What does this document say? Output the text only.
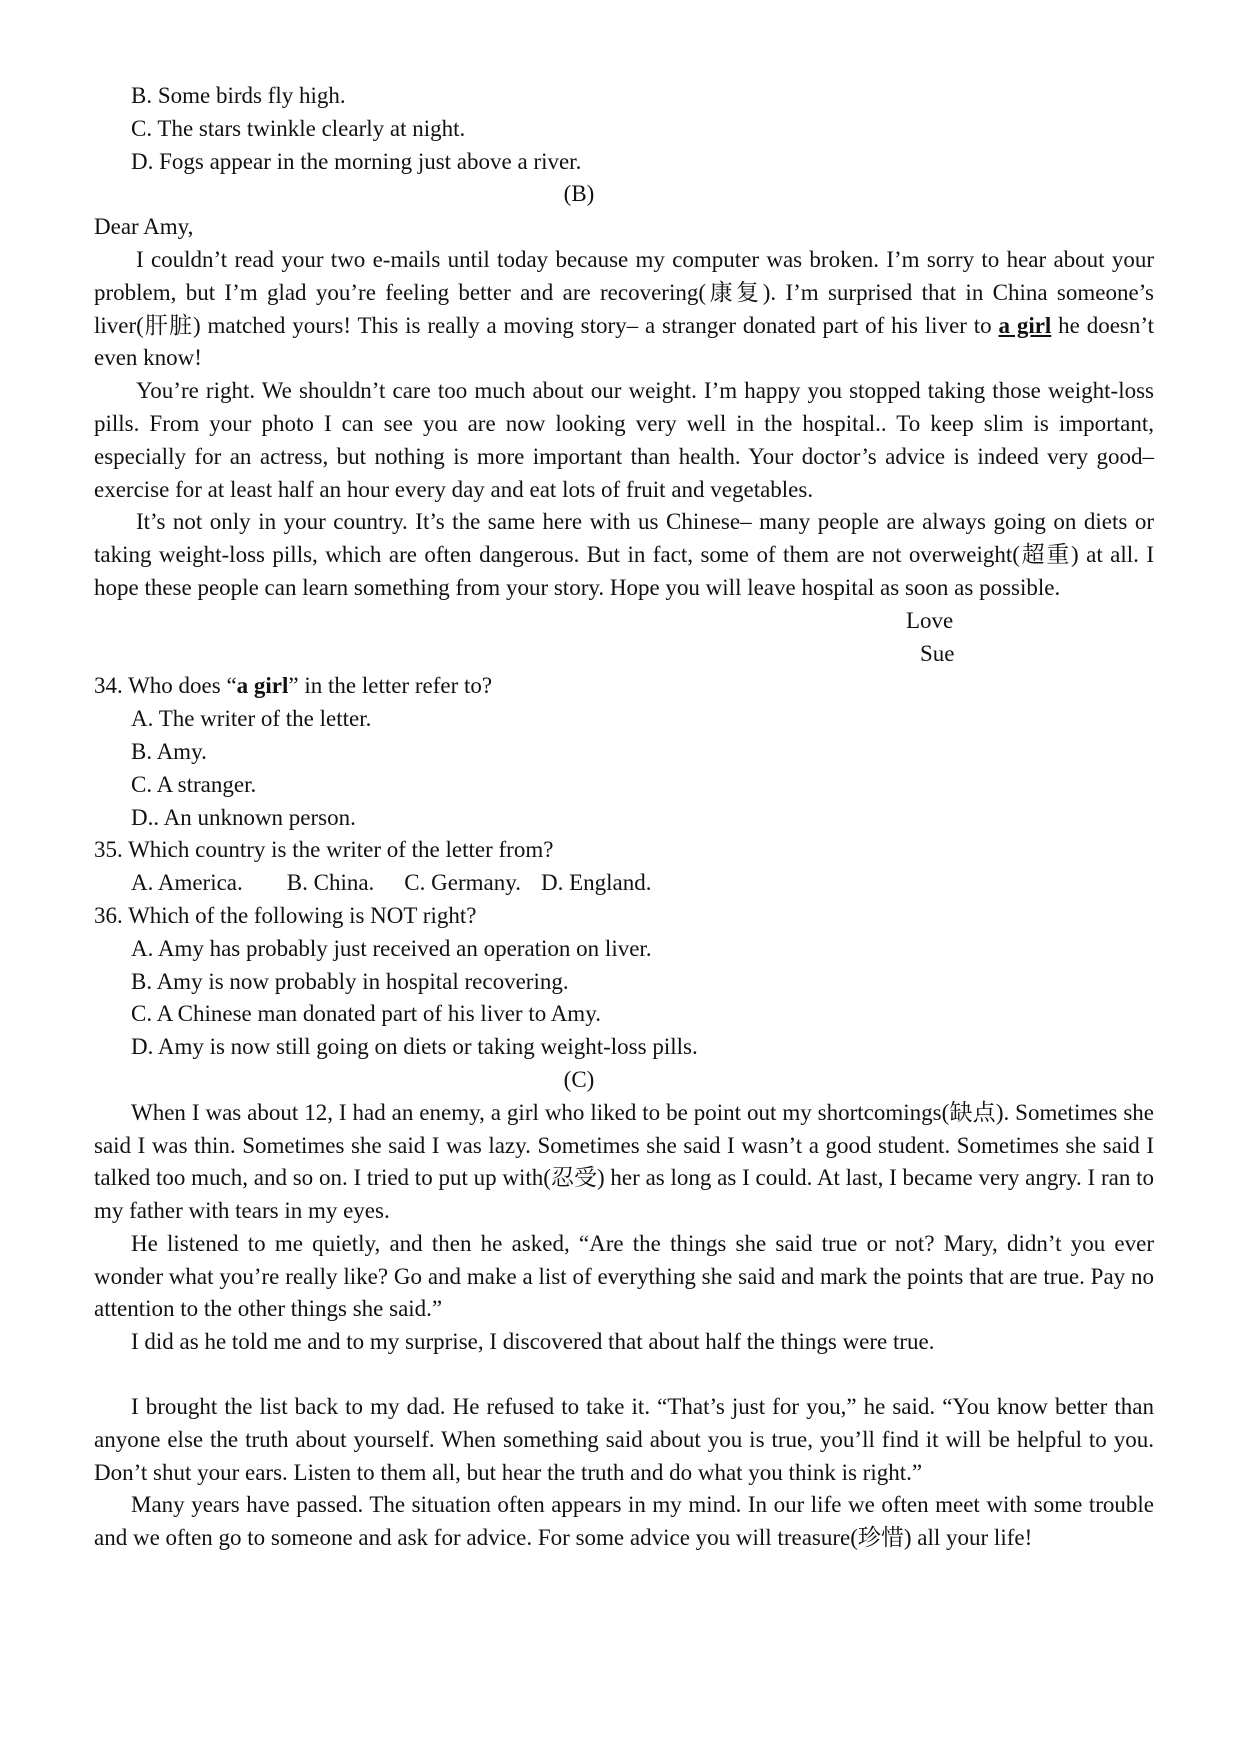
B. Some birds fly high.
C. The stars twinkle clearly at night.
D. Fogs appear in the morning just above a river.
(B)
Dear Amy,
I couldn’t read your two e-mails until today because my computer was broken. I’m sorry to hear about your problem, but I’m glad you’re feeling better and are recovering(康复). I’m surprised that in China someone’s liver(肝脏) matched yours! This is really a moving story– a stranger donated part of his liver to a girl he doesn’t even know!
You’re right. We shouldn’t care too much about our weight. I’m happy you stopped taking those weight-loss pills. From your photo I can see you are now looking very well in the hospital.. To keep slim is important, especially for an actress, but nothing is more important than health. Your doctor’s advice is indeed very good– exercise for at least half an hour every day and eat lots of fruit and vegetables.
It’s not only in your country. It’s the same here with us Chinese– many people are always going on diets or taking weight-loss pills, which are often dangerous. But in fact, some of them are not overweight(超重) at all. I hope these people can learn something from your story. Hope you will leave hospital as soon as possible.
Love
Sue
34. Who does “a girl” in the letter refer to?
A. The writer of the letter.
B. Amy.
C. A stranger.
D.. An unknown person.
35. Which country is the writer of the letter from?
A. America. B. China. C. Germany. D. England.
36. Which of the following is NOT right?
A. Amy has probably just received an operation on liver.
B. Amy is now probably in hospital recovering.
C. A Chinese man donated part of his liver to Amy.
D. Amy is now still going on diets or taking weight-loss pills.
(C)
When I was about 12, I had an enemy, a girl who liked to be point out my shortcomings(缺点). Sometimes she said I was thin. Sometimes she said I was lazy. Sometimes she said I wasn’t a good student. Sometimes she said I talked too much, and so on. I tried to put up with(忍受) her as long as I could. At last, I became very angry. I ran to my father with tears in my eyes.
He listened to me quietly, and then he asked, “Are the things she said true or not? Mary, didn’t you ever wonder what you’re really like? Go and make a list of everything she said and mark the points that are true. Pay no attention to the other things she said.”
I did as he told me and to my surprise, I discovered that about half the things were true.
I brought the list back to my dad. He refused to take it. “That’s just for you,” he said. “You know better than anyone else the truth about yourself. When something said about you is true, you’ll find it will be helpful to you. Don’t shut your ears. Listen to them all, but hear the truth and do what you think is right.”
Many years have passed. The situation often appears in my mind. In our life we often meet with some trouble and we often go to someone and ask for advice. For some advice you will treasure(珍惜) all your life!
